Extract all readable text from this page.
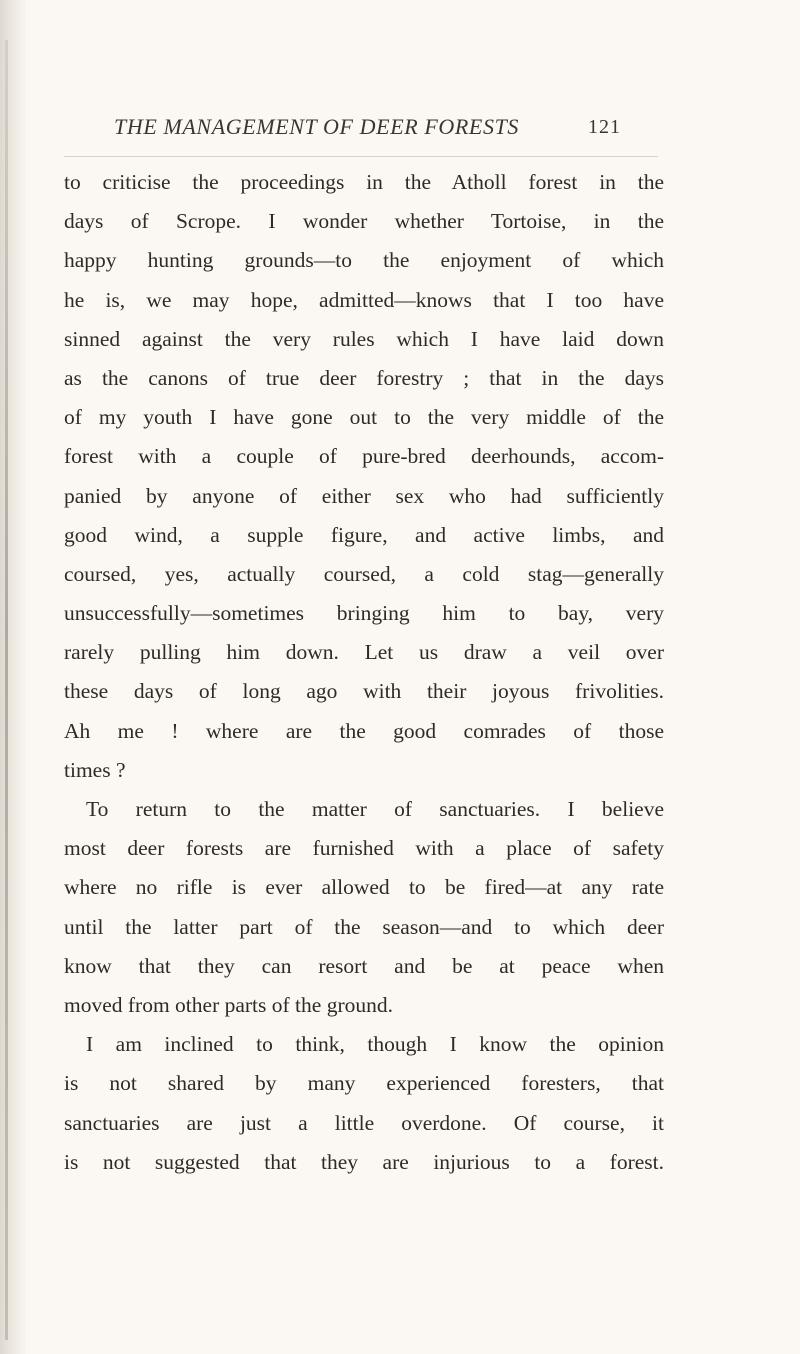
THE MANAGEMENT OF DEER FORESTS	121
to criticise the proceedings in the Atholl forest in the
days of Scrope. I wonder whether Tortoise, in the
happy hunting grounds—to the enjoyment of which
he is, we may hope, admitted—knows that I too have
sinned against the very rules which I have laid down
as the canons of true deer forestry ; that in the days
of my youth I have gone out to the very middle of the
forest with a couple of pure-bred deerhounds, accom-
panied by anyone of either sex who had sufficiently
good wind, a supple figure, and active limbs, and
coursed, yes, actually coursed, a cold stag—generally
unsuccessfully—sometimes bringing him to bay, very
rarely pulling him down. Let us draw a veil over
these days of long ago with their joyous frivolities.
Ah me ! where are the good comrades of those
times ?
To return to the matter of sanctuaries. I believe
most deer forests are furnished with a place of safety
where no rifle is ever allowed to be fired—at any rate
until the latter part of the season—and to which deer
know that they can resort and be at peace when
moved from other parts of the ground.
I am inclined to think, though I know the opinion
is not shared by many experienced foresters, that
sanctuaries are just a little overdone. Of course, it
is not suggested that they are injurious to a forest.
